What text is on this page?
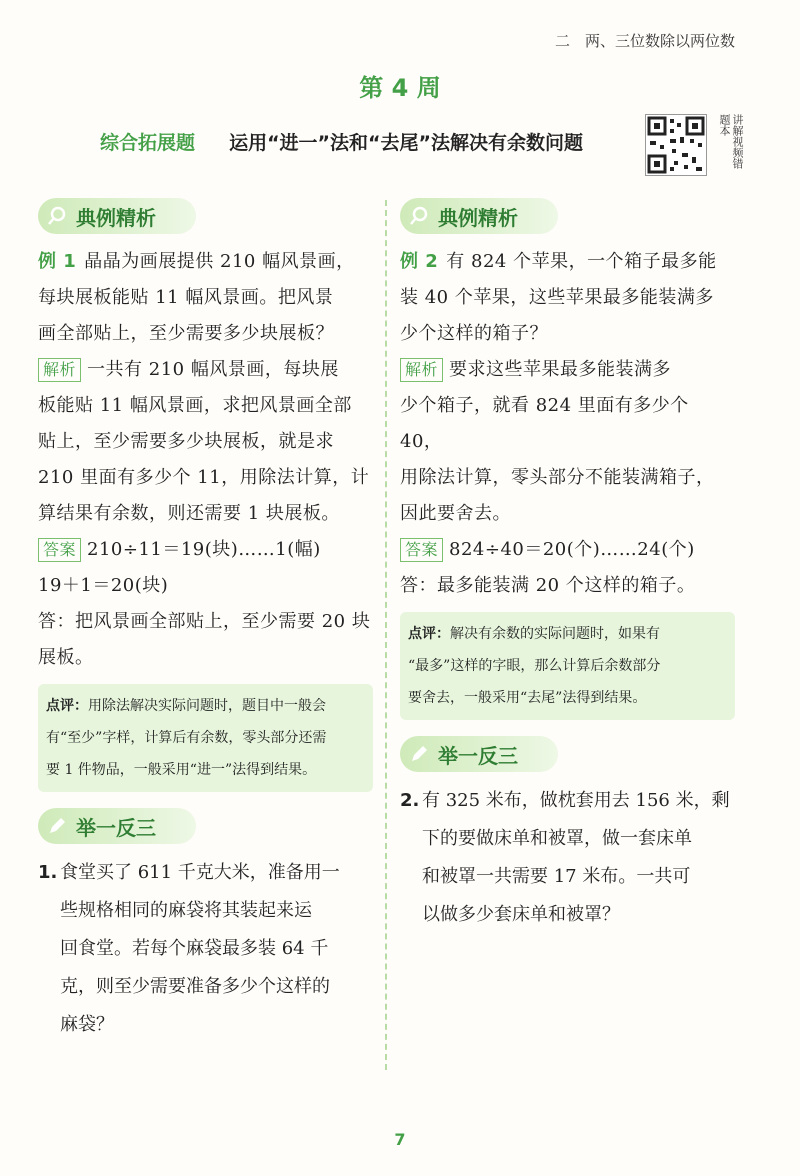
二　两、三位数除以两位数
第 4 周
综合拓展题 运用“进一”法和“去尾”法解决有余数问题	讲解视频错题本
典例精析
例 1 晶晶为画展提供 210 幅风景画，
每块展板能贴 11 幅风景画。把风景
画全部贴上，至少需要多少块展板？
解析 一共有 210 幅风景画，每块展
板能贴 11 幅风景画，求把风景画全部
贴上，至少需要多少块展板，就是求
210 里面有多少个 11，用除法计算，计
算结果有余数，则还需要 1 块展板。
答案 210÷11＝19(块)……1(幅)
19＋1＝20(块)
答：把风景画全部贴上，至少需要 20 块
展板。
点评：用除法解决实际问题时，题目中一般会
有“至少”字样，计算后有余数，零头部分还需
要 1 件物品，一般采用“进一”法得到结果。
举一反三
1. 食堂买了 611 千克大米，准备用一
些规格相同的麻袋将其装起来运
回食堂。若每个麻袋最多装 64 千
克，则至少需要准备多少个这样的
麻袋？
典例精析
例 2 有 824 个苹果，一个箱子最多能
装 40 个苹果，这些苹果最多能装满多
少个这样的箱子？
解析 要求这些苹果最多能装满多
少个箱子，就看 824 里面有多少个 40，
用除法计算，零头部分不能装满箱子，
因此要舍去。
答案 824÷40＝20(个)……24(个)
答：最多能装满 20 个这样的箱子。
点评：解决有余数的实际问题时，如果有
“最多”这样的字眼，那么计算后余数部分
要舍去，一般采用“去尾”法得到结果。
举一反三
2. 有 325 米布，做枕套用去 156 米，剩
下的要做床单和被罩，做一套床单
和被罩一共需要 17 米布。一共可
以做多少套床单和被罩？
7
